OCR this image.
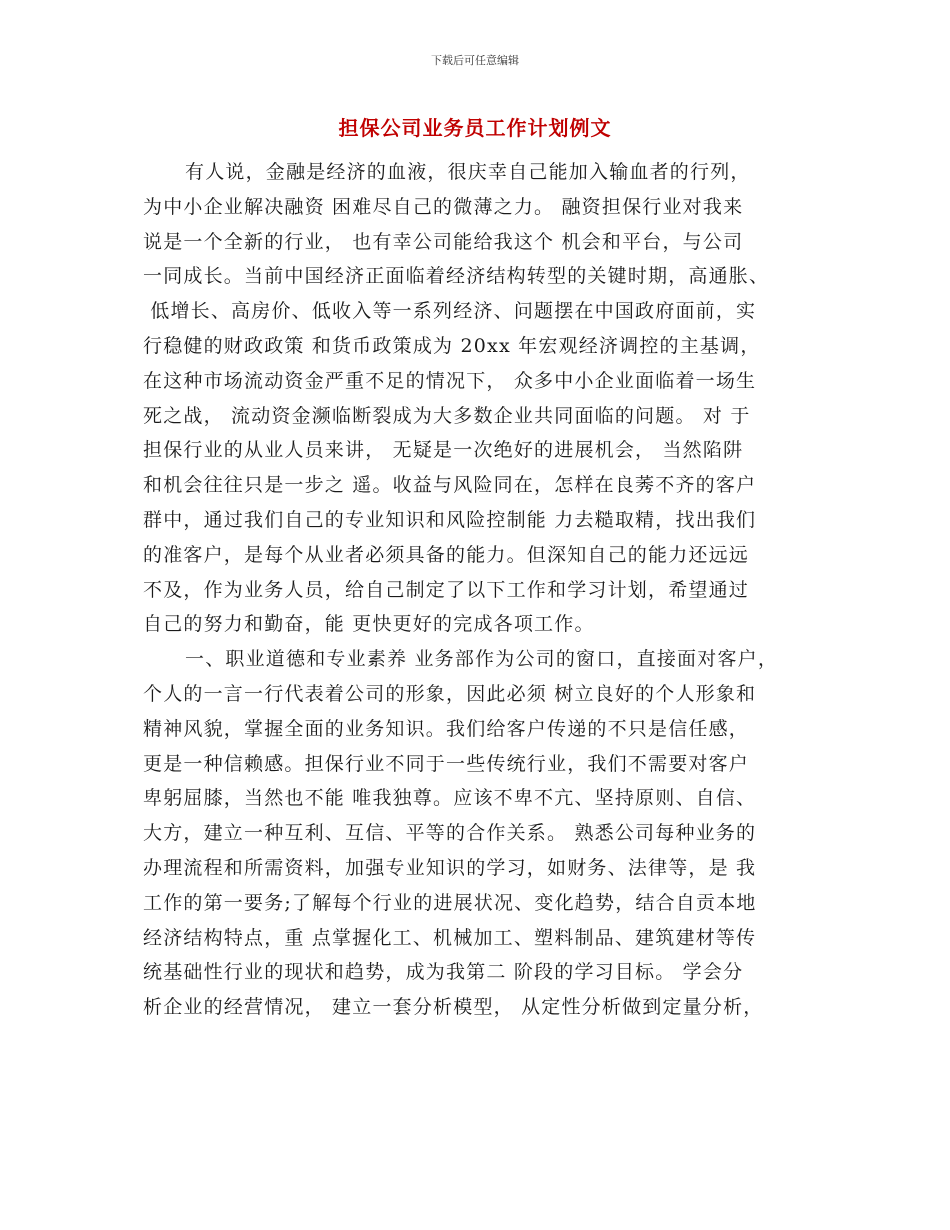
下载后可任意编辑
担保公司业务员工作计划例文
有人说，金融是经济的血液，很庆幸自己能加入输血者的行列，
为中小企业解决融资 困难尽自己的微薄之力。 融资担保行业对我来
说是一个全新的行业， 也有幸公司能给我这个 机会和平台，与公司
一同成长。当前中国经济正面临着经济结构转型的关键时期，高通胀、
低增长、高房价、低收入等一系列经济、问题摆在中国政府面前，实
行稳健的财政政策 和货币政策成为 20xx 年宏观经济调控的主基调，
在这种市场流动资金严重不足的情况下， 众多中小企业面临着一场生
死之战， 流动资金濒临断裂成为大多数企业共同面临的问题。 对 于
担保行业的从业人员来讲， 无疑是一次绝好的进展机会， 当然陷阱
和机会往往只是一步之 遥。收益与风险同在，怎样在良莠不齐的客户
群中，通过我们自己的专业知识和风险控制能 力去糙取精，找出我们
的准客户，是每个从业者必须具备的能力。但深知自己的能力还远远
不及，作为业务人员，给自己制定了以下工作和学习计划，希望通过
自己的努力和勤奋，能 更快更好的完成各项工作。
一、职业道德和专业素养 业务部作为公司的窗口，直接面对客户，
个人的一言一行代表着公司的形象，因此必须 树立良好的个人形象和
精神风貌，掌握全面的业务知识。我们给客户传递的不只是信任感，
更是一种信赖感。担保行业不同于一些传统行业，我们不需要对客户
卑躬屈膝，当然也不能 唯我独尊。应该不卑不亢、坚持原则、自信、
大方，建立一种互利、互信、平等的合作关系。 熟悉公司每种业务的
办理流程和所需资料，加强专业知识的学习，如财务、法律等，是 我
工作的第一要务;了解每个行业的进展状况、变化趋势，结合自贡本地
经济结构特点，重 点掌握化工、机械加工、塑料制品、建筑建材等传
统基础性行业的现状和趋势，成为我第二 阶段的学习目标。 学会分
析企业的经营情况， 建立一套分析模型， 从定性分析做到定量分析，
